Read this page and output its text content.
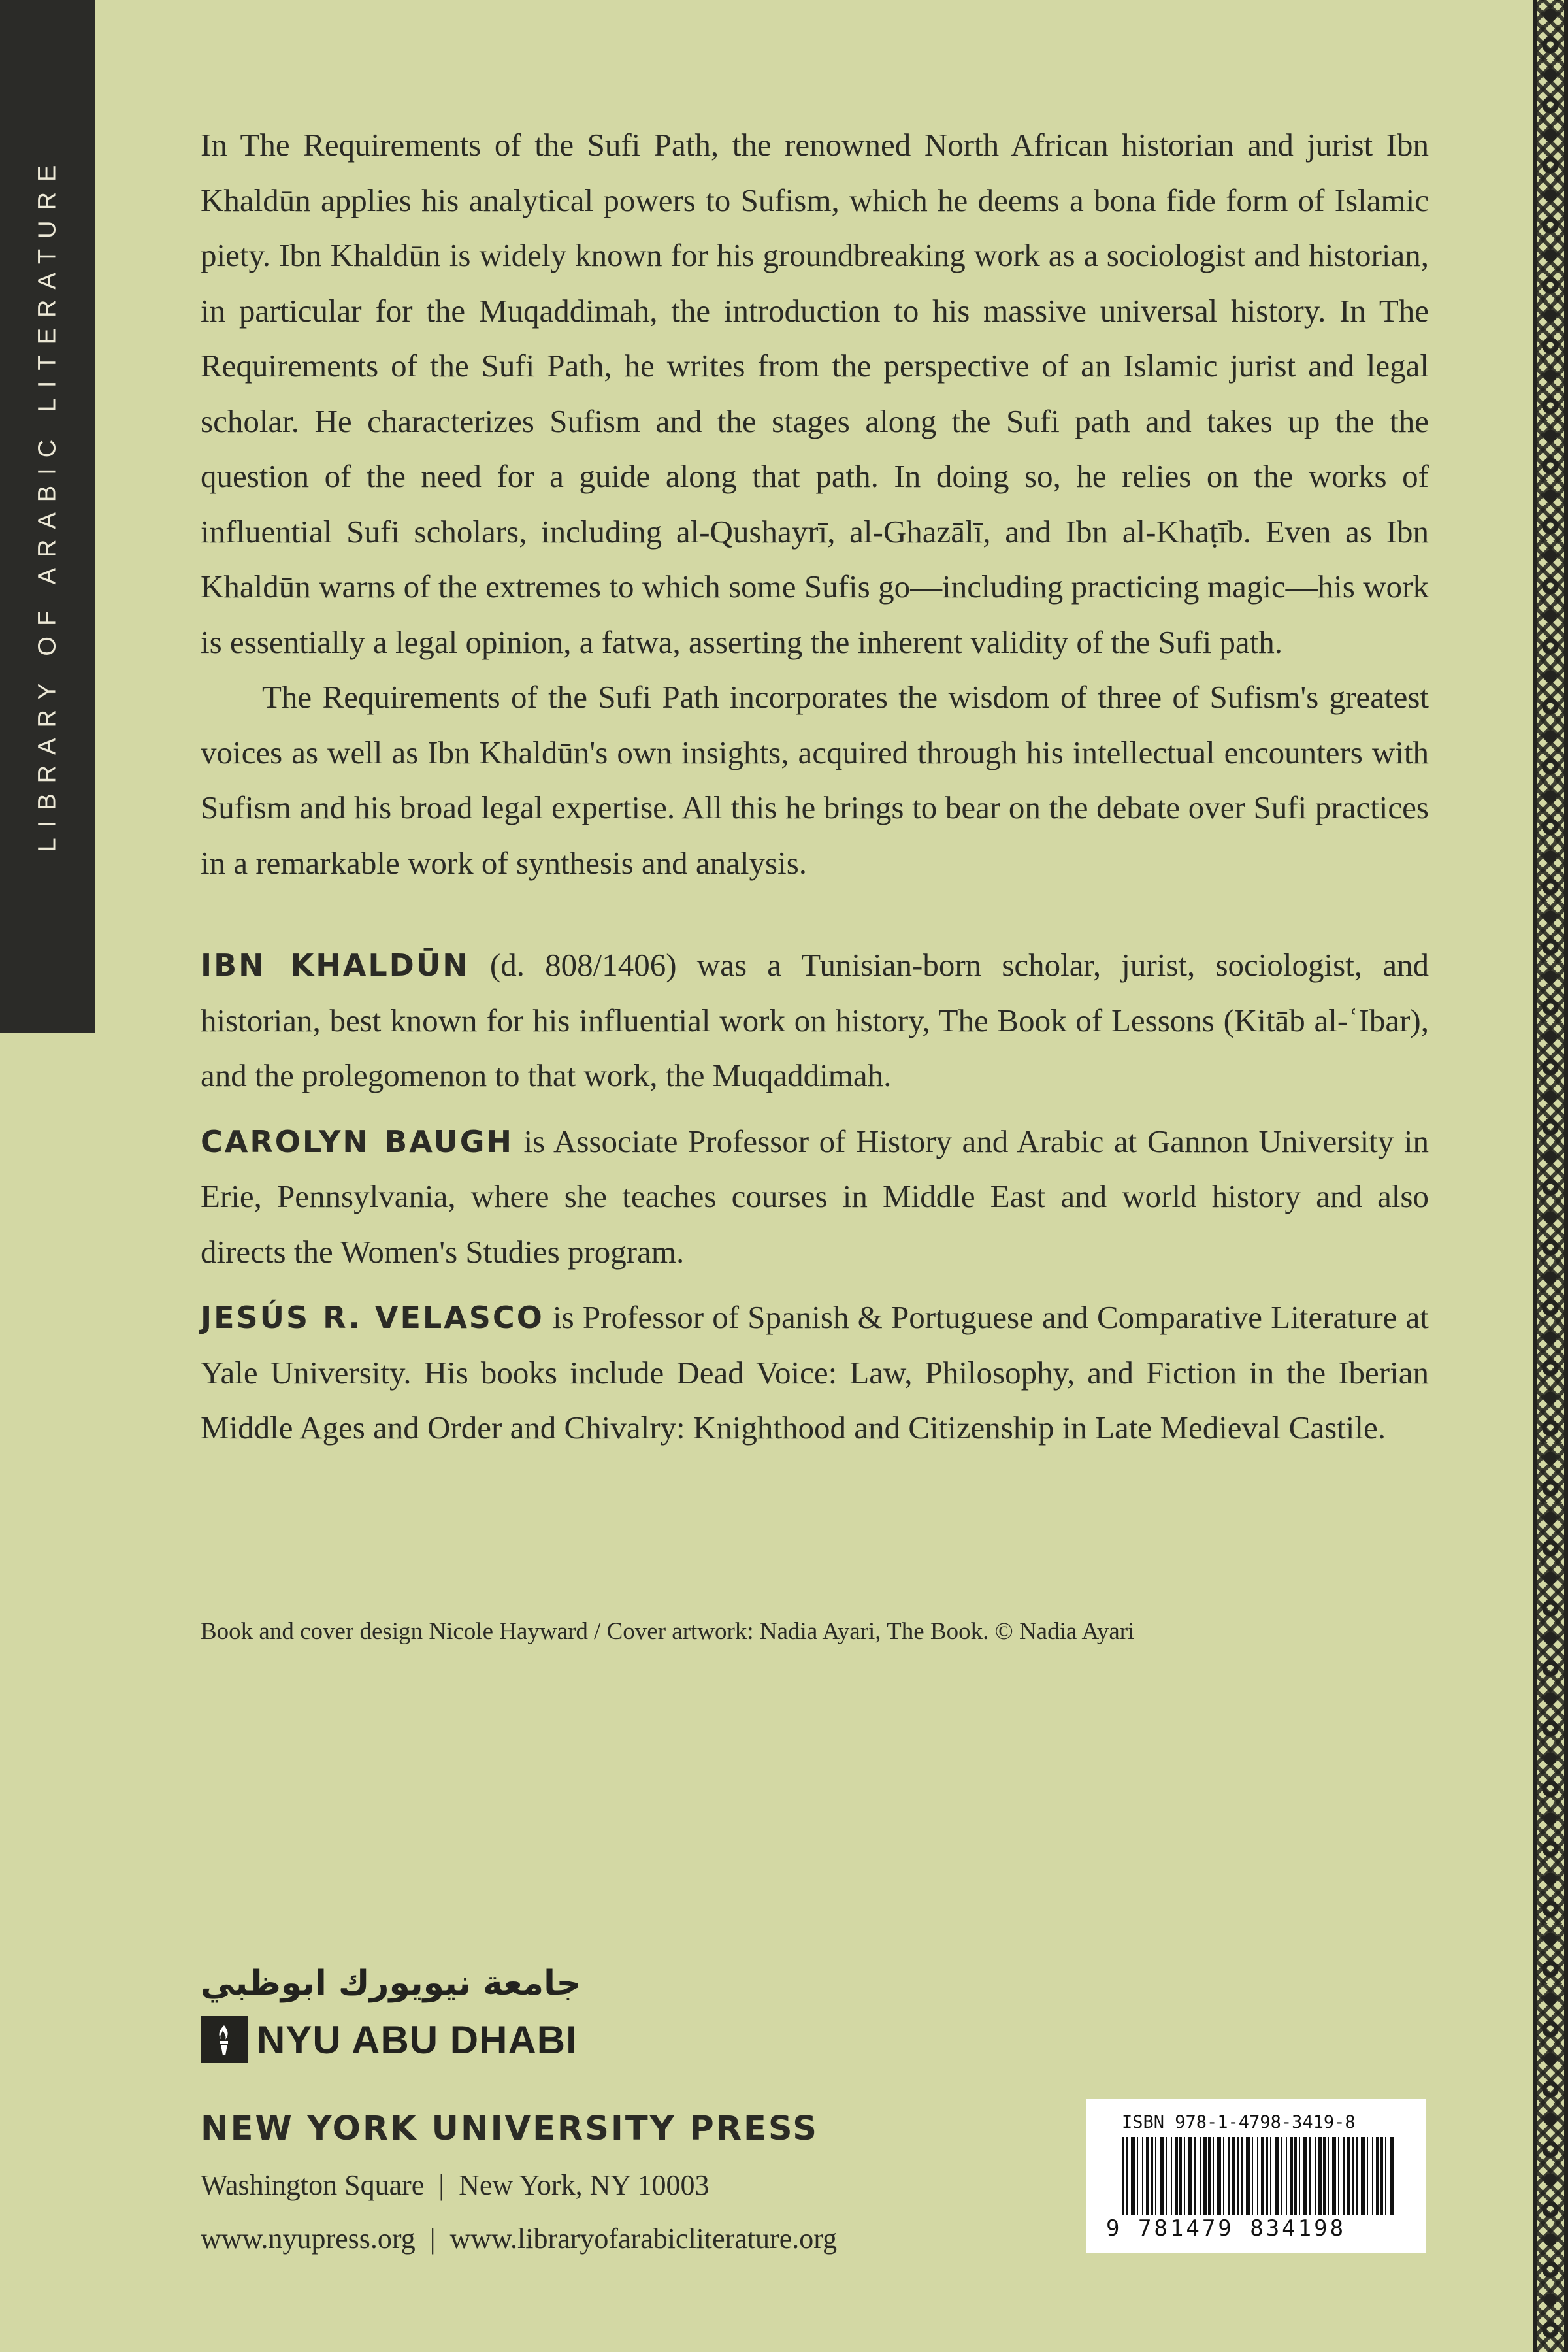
LIBRARY OF ARABIC LITERATURE

In The Requirements of the Sufi Path, the renowned North African historian and jurist Ibn Khaldūn applies his analytical powers to Sufism, which he deems a bona fide form of Islamic piety. Ibn Khaldūn is widely known for his groundbreaking work as a sociologist and historian, in particular for the Muqaddimah, the introduction to his massive universal history. In The Requirements of the Sufi Path, he writes from the perspective of an Islamic jurist and legal scholar. He characterizes Sufism and the stages along the Sufi path and takes up the the question of the need for a guide along that path. In doing so, he relies on the works of influential Sufi scholars, including al-Qushayrī, al-Ghazālī, and Ibn al-Khaṭīb. Even as Ibn Khaldūn warns of the extremes to which some Sufis go—including practicing magic—his work is essentially a legal opinion, a fatwa, asserting the inherent validity of the Sufi path.

The Requirements of the Sufi Path incorporates the wisdom of three of Sufism's greatest voices as well as Ibn Khaldūn's own insights, acquired through his intellectual encounters with Sufism and his broad legal expertise. All this he brings to bear on the debate over Sufi practices in a remarkable work of synthesis and analysis.

IBN KHALDŪN (d. 808/1406) was a Tunisian-born scholar, jurist, sociologist, and historian, best known for his influential work on history, The Book of Lessons (Kitāb al-ʿIbar), and the prolegomenon to that work, the Muqaddimah.

CAROLYN BAUGH is Associate Professor of History and Arabic at Gannon University in Erie, Pennsylvania, where she teaches courses in Middle East and world history and also directs the Women's Studies program.

JESÚS R. VELASCO is Professor of Spanish & Portuguese and Comparative Literature at Yale University. His books include Dead Voice: Law, Philosophy, and Fiction in the Iberian Middle Ages and Order and Chivalry: Knighthood and Citizenship in Late Medieval Castile.

Book and cover design Nicole Hayward / Cover artwork: Nadia Ayari, The Book. © Nadia Ayari

جامعة نيويورك ابوظبي
NYU ABU DHABI
NEW YORK UNIVERSITY PRESS
Washington Square | New York, NY 10003
www.nyupress.org | www.libraryofarabicliterature.org
ISBN 978-1-4798-3419-8
9 781479 834198
